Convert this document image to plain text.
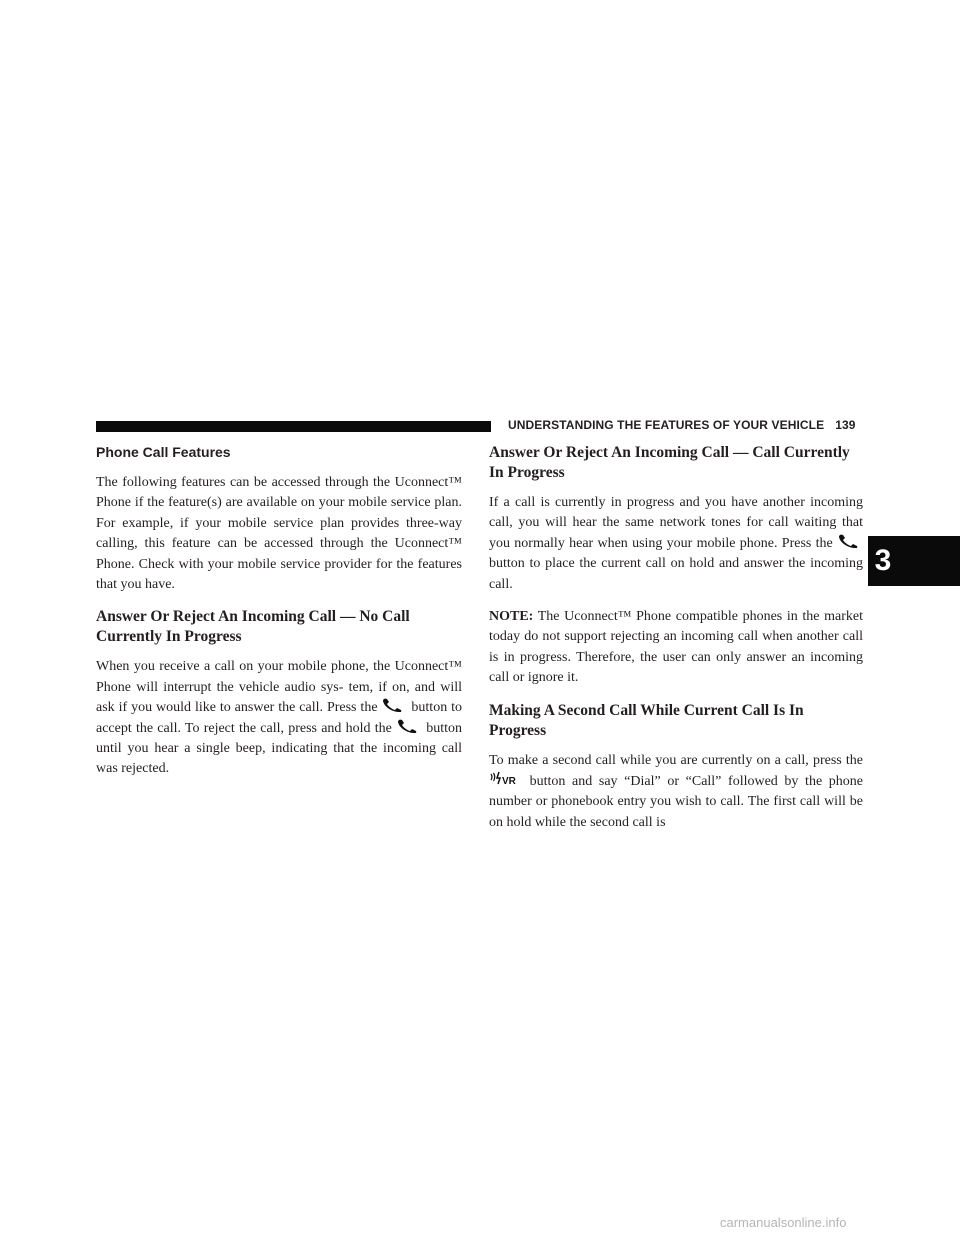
UNDERSTANDING THE FEATURES OF YOUR VEHICLE 139
3
Phone Call Features

The following features can be accessed through the Uconnect™ Phone if the feature(s) are available on your mobile service plan. For example, if your mobile service plan provides three-way calling, this feature can be accessed through the Uconnect™ Phone. Check with your mobile service provider for the features that you have.

Answer Or Reject An Incoming Call — No Call Currently In Progress

When you receive a call on your mobile phone, the Uconnect™ Phone will interrupt the vehicle audio sys- tem, if on, and will ask if you would like to answer the call. Press the button to accept the call. To reject the call, press and hold the button until you hear a single beep, indicating that the incoming call was rejected.

Answer Or Reject An Incoming Call — Call Currently In Progress

If a call is currently in progress and you have another incoming call, you will hear the same network tones for call waiting that you normally hear when using your mobile phone. Press the  button to place the current call on hold and answer the incoming call.

NOTE: The Uconnect™ Phone compatible phones in the market today do not support rejecting an incoming call when another call is in progress. Therefore, the user can only answer an incoming call or ignore it.

Making A Second Call While Current Call Is In Progress

To make a second call while you are currently on a call, press the
VR button and say “Dial” or “Call” followed by the phone number or phonebook entry you wish to call. The first call will be on hold while the second call is

carmanualsonline.info
